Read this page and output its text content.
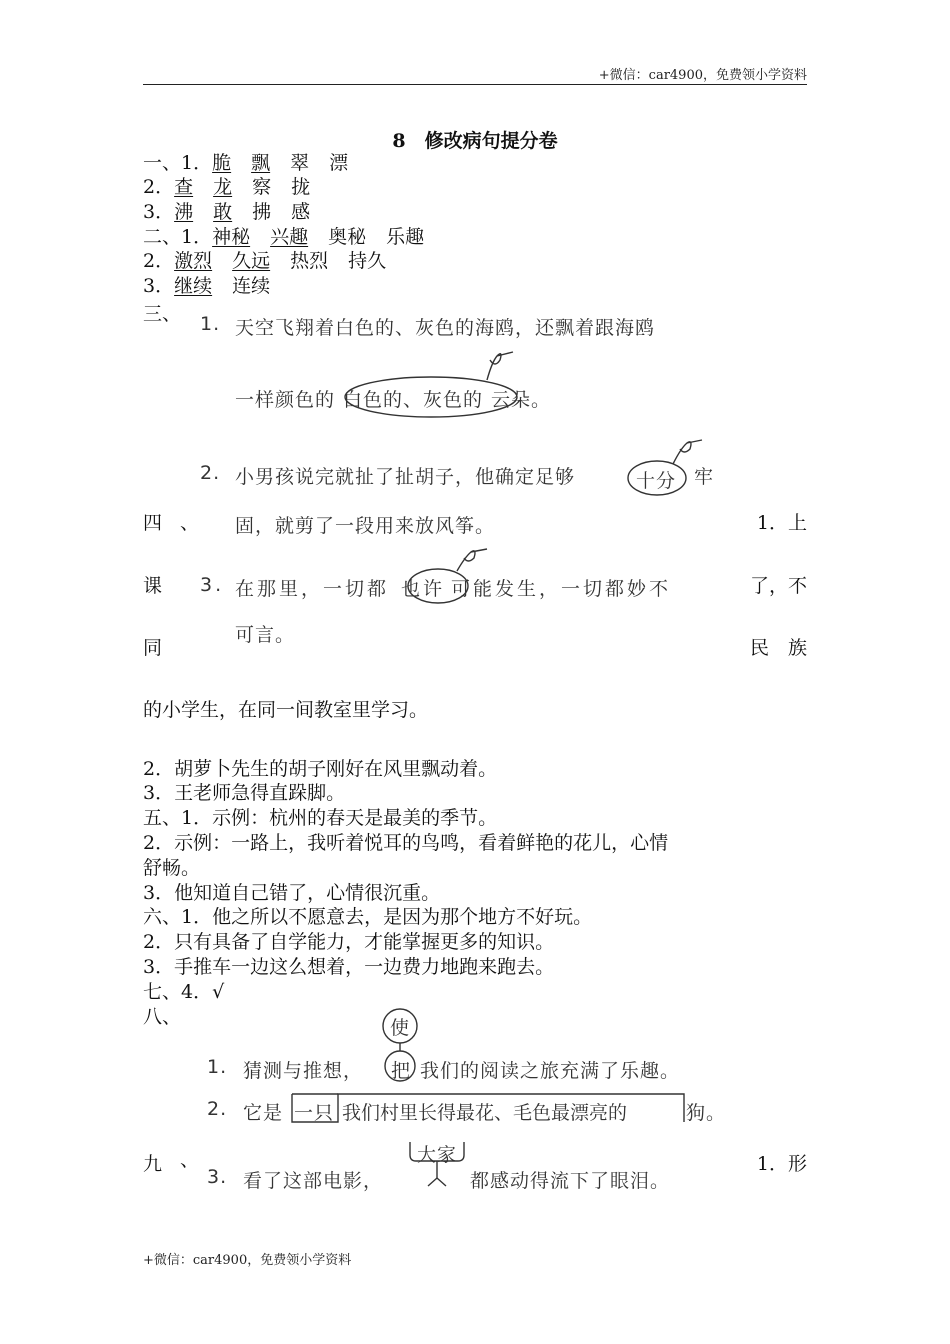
+微信：car4900，免费领小学资料
8　修改病句提分卷
一、1．脆 飘 翠 漂
2．查 龙 察 拢
3．沸 敢 拂 感
二、1．神秘 兴趣 奥秘 乐趣
2．激烈 久远 热烈 持久
3．继续 连续
三、 1. 天空飞翔着白色的、灰色的海鸥，还飘着跟海鸥
一样颜色的 白色的、灰色的 云朵。
2. 小男孩说完就扯了扯胡子，他确定足够	十分 牢
固，就剪了一段用来放风筝。
3. 在那里，一切都 也许 可能发生，一切都妙不
可言。
四 、
课
同
1．上
了，不
民　族
的小学生，在同一间教室里学习。
2．胡萝卜先生的胡子刚好在风里飘动着。
3．王老师急得直跺脚。
五、1．示例：杭州的春天是最美的季节。
2．示例：一路上，我听着悦耳的鸟鸣，看着鲜艳的花儿，心情
舒畅。
3．他知道自己错了，心情很沉重。
六、1．他之所以不愿意去，是因为那个地方不好玩。
2．只有具备了自学能力，才能掌握更多的知识。
3．手推车一边这么想着，一边费力地跑来跑去。
七、4．√
八、
1. 猜测与推想， 把 我们的阅读之旅充满了乐趣。
使
2. 它是 一只 我们村里长得最花、毛色最漂亮的	狗。
九 、	1．形
3. 看了这部电影，
大家
都感动得流下了眼泪。
+微信：car4900，免费领小学资料
